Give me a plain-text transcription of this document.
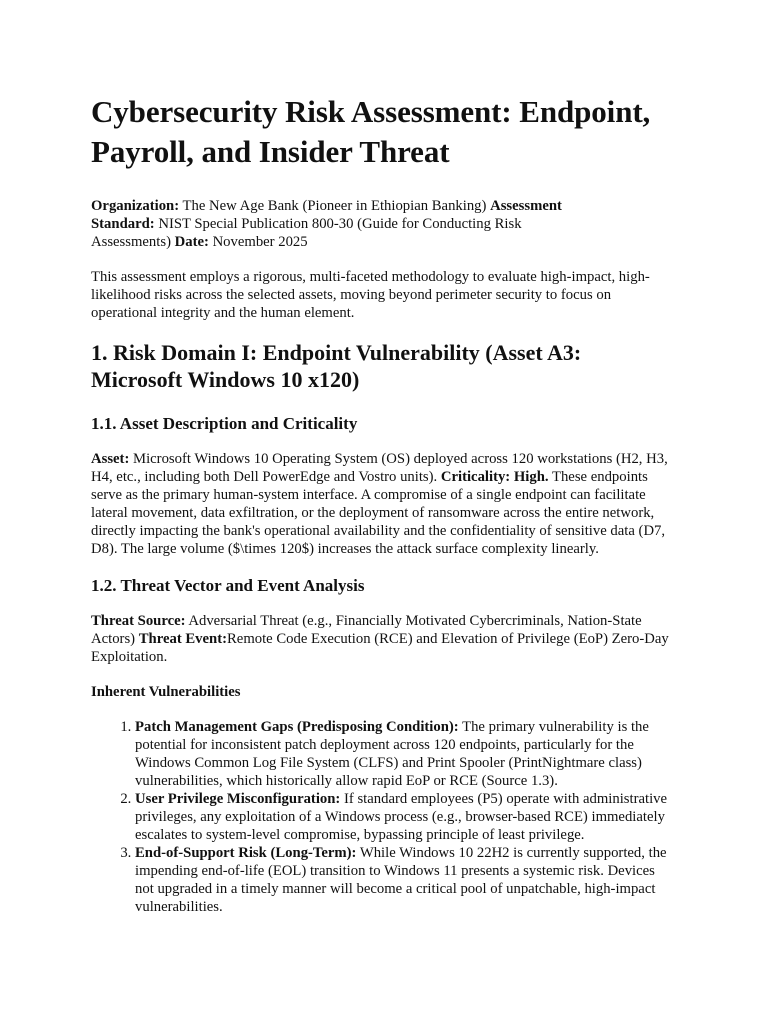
Cybersecurity Risk Assessment: Endpoint, Payroll, and Insider Threat

Organization: The New Age Bank (Pioneer in Ethiopian Banking) Assessment Standard: NIST Special Publication 800-30 (Guide for Conducting Risk Assessments) Date: November 2025

This assessment employs a rigorous, multi-faceted methodology to evaluate high-impact, high-likelihood risks across the selected assets, moving beyond perimeter security to focus on operational integrity and the human element.

1. Risk Domain I: Endpoint Vulnerability (Asset A3: Microsoft Windows 10 x120)
1.1. Asset Description and Criticality

Asset: Microsoft Windows 10 Operating System (OS) deployed across 120 workstations (H2, H3, H4, etc., including both Dell PowerEdge and Vostro units). Criticality: High. These endpoints serve as the primary human-system interface. A compromise of a single endpoint can facilitate lateral movement, data exfiltration, or the deployment of ransomware across the entire network, directly impacting the bank's operational availability and the confidentiality of sensitive data (D7, D8). The large volume ($\times 120$) increases the attack surface complexity linearly.

1.2. Threat Vector and Event Analysis

Threat Source: Adversarial Threat (e.g., Financially Motivated Cybercriminals, Nation-State Actors) Threat Event:Remote Code Execution (RCE) and Elevation of Privilege (EoP) Zero-Day Exploitation.

Inherent Vulnerabilities
1. Patch Management Gaps (Predisposing Condition): The primary vulnerability is the potential for inconsistent patch deployment across 120 endpoints, particularly for the Windows Common Log File System (CLFS) and Print Spooler (PrintNightmare class) vulnerabilities, which historically allow rapid EoP or RCE (Source 1.3).
2. User Privilege Misconfiguration: If standard employees (P5) operate with administrative privileges, any exploitation of a Windows process (e.g., browser-based RCE) immediately escalates to system-level compromise, bypassing principle of least privilege.
3. End-of-Support Risk (Long-Term): While Windows 10 22H2 is currently supported, the impending end-of-life (EOL) transition to Windows 11 presents a systemic risk. Devices not upgraded in a timely manner will become a critical pool of unpatchable, high-impact vulnerabilities.
